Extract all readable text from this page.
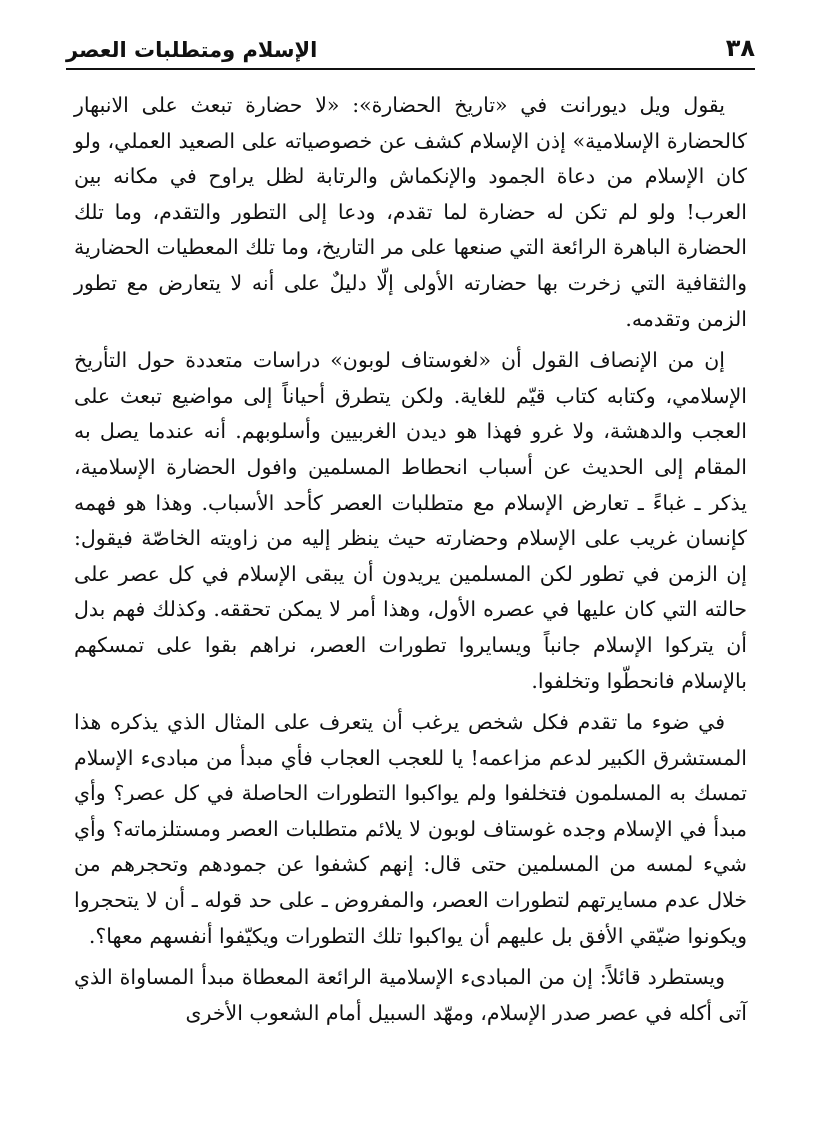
٣٨
الإسلام ومتطلبات العصر

يقول ويل ديورانت في «تاريخ الحضارة»: «لا حضارة تبعث على الانبهار كالحضارة الإسلامية» إذن الإسلام كشف عن خصوصياته على الصعيد العملي، ولو كان الإسلام من دعاة الجمود والإنكماش والرتابة لظل يراوح في مكانه بين العرب! ولو لم تكن له حضارة لما تقدم، ودعا إلى التطور والتقدم، وما تلك الحضارة الباهرة الرائعة التي صنعها على مر التاريخ، وما تلك المعطيات الحضارية والثقافية التي زخرت بها حضارته الأولى إلّا دليلٌ على أنه لا يتعارض مع تطور الزمن وتقدمه.

إن من الإنصاف القول أن «لغوستاف لوبون» دراسات متعددة حول التأريخ الإسلامي، وكتابه كتاب قيّم للغاية. ولكن يتطرق أحياناً إلى مواضيع تبعث على العجب والدهشة، ولا غرو فهذا هو ديدن الغربيين وأسلوبهم. أنه عندما يصل به المقام إلى الحديث عن أسباب انحطاط المسلمين وافول الحضارة الإسلامية، يذكر ـ غباءً ـ تعارض الإسلام مع متطلبات العصر كأحد الأسباب. وهذا هو فهمه كإنسان غريب على الإسلام وحضارته حيث ينظر إليه من زاويته الخاصّة فيقول: إن الزمن في تطور لكن المسلمين يريدون أن يبقى الإسلام في كل عصر على حالته التي كان عليها في عصره الأول، وهذا أمر لا يمكن تحققه. وكذلك فهم بدل أن يتركوا الإسلام جانباً ويسايروا تطورات العصر، نراهم بقوا على تمسكهم بالإسلام فانحطّوا وتخلفوا.

في ضوء ما تقدم فكل شخص يرغب أن يتعرف على المثال الذي يذكره هذا المستشرق الكبير لدعم مزاعمه! يا للعجب العجاب فأي مبدأ من مبادىء الإسلام تمسك به المسلمون فتخلفوا ولم يواكبوا التطورات الحاصلة في كل عصر؟ وأي مبدأ في الإسلام وجده غوستاف لوبون لا يلائم متطلبات العصر ومستلزماته؟ وأي شيء لمسه من المسلمين حتى قال: إنهم كشفوا عن جمودهم وتحجرهم من خلال عدم مسايرتهم لتطورات العصر، والمفروض ـ على حد قوله ـ أن لا يتحجروا ويكونوا ضيّقي الأفق بل عليهم أن يواكبوا تلك التطورات ويكيّفوا أنفسهم معها؟.

ويستطرد قائلاً: إن من المبادىء الإسلامية الرائعة المعطاة مبدأ المساواة الذي آتى أكله في عصر صدر الإسلام، ومهّد السبيل أمام الشعوب الأخرى
